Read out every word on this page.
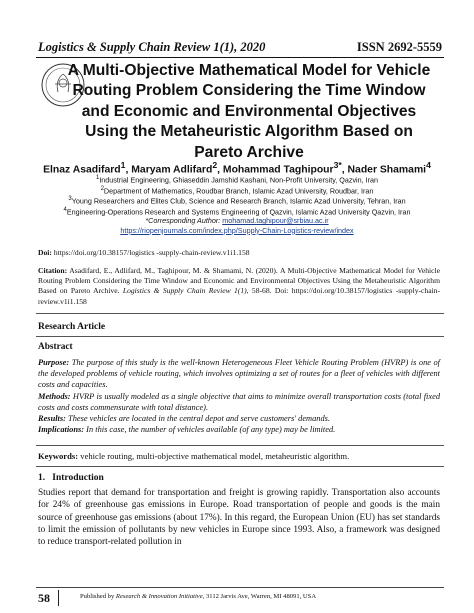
Logistics & Supply Chain Review 1(1), 2020	ISSN 2692-5559
A Multi-Objective Mathematical Model for Vehicle Routing Problem Considering the Time Window and Economic and Environmental Objectives Using the Metaheuristic Algorithm Based on Pareto Archive
Elnaz Asadifard$^1$, Maryam Adlifard$^2$, Mohammad Taghipour$^{3*}$, Nader Shamami$^4$
$^1$Industrial Engineering, Ghiaseddin Jamshid Kashani, Non-Profit University, Qazvin, Iran
$^2$Department of Mathematics, Roudbar Branch, Islamic Azad University, Roudbar, Iran
$^3$Young Researchers and Elites Club, Science and Research Branch, Islamic Azad University, Tehran, Iran
$^4$Engineering-Operations Research and Systems Engineering of Qazvin, Islamic Azad University Qazvin, Iran
*Corresponding Author: mohamad.taghipour@srbiau.ac.ir
https://riopenjournals.com/index.php/Supply-Chain-Logistics-review/index
Doi: https://doi.org/10.38157/logistics -supply-chain-review.v1i1.158
Citation: Asadifard, E., Adlifard, M., Taghipour, M. & Shamami, N. (2020). A Multi-Objective Mathematical Model for Vehicle Routing Problem Considering the Time Window and Economic and Environmental Objectives Using the Metaheuristic Algorithm Based on Pareto Archive. Logistics & Supply Chain Review 1(1), 58-68. Doi: https://doi.org/10.38157/logistics -supply-chain-review.v1i1.158
Research Article
Abstract

Purpose: The purpose of this study is the well-known Heterogeneous Fleet Vehicle Routing Problem (HVRP) is one of the developed problems of vehicle routing, which involves optimizing a set of routes for a fleet of vehicles with different costs and capacities.

Methods: HVRP is usually modeled as a single objective that aims to minimize overall transportation costs (total fixed costs and costs commensurate with total distance).

Results: These vehicles are located in the central depot and serve customers' demands.

Implications: In this case, the number of vehicles available (of any type) may be limited.

Keywords: vehicle routing, multi-objective mathematical model, metaheuristic algorithm.
1.   Introduction
Studies report that demand for transportation and freight is growing rapidly. Transportation also accounts for 24% of greenhouse gas emissions in Europe. Road transportation of people and goods is the main source of greenhouse gas emissions (about 17%). In this regard, the European Union (EU) has set standards to limit the emission of pollutants by new vehicles in Europe since 1993. Also, a framework was designed to reduce transport-related pollution in
58	Published by Research & Innovation Initiative, 3112 Jarvis Ave, Warren, MI 48091, USA
